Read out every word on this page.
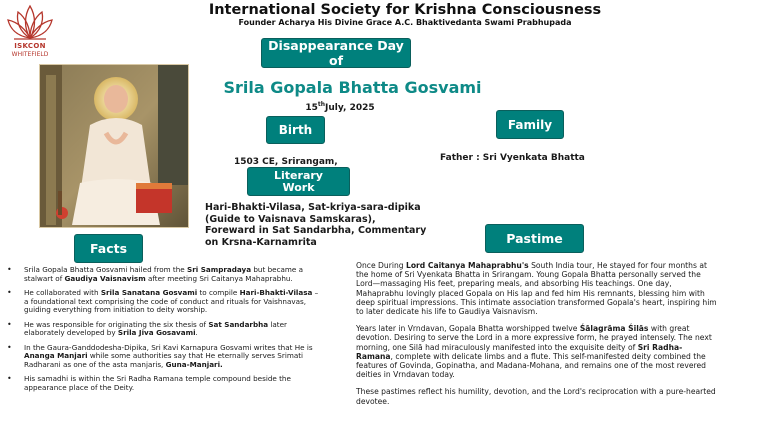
ISKCON
WHITEFIELD
International Society for Krishna Consciousness
Founder Acharya His Divine Grace A.C. Bhaktivedanta Swami Prabhupada
Disappearance Day of
Srila Gopala Bhatta Gosvami
15thJuly, 2025
Birth
1503 CE, Srirangam,
Family
Father : Sri Vyenkata Bhatta
Literary
Work
Hari-Bhakti-Vilasa, Sat-kriya-sara-dipika
(Guide to Vaisnava Samskaras),
Foreward in Sat Sandarbha, Commentary
on Krsna-Karnamrita
Facts
• Srila Gopala Bhatta Gosvami hailed from the Sri Sampradaya but became a stalwart of Gaudiya Vaisnavism after meeting Sri Caitanya Mahaprabhu.
• He collaborated with Srila Sanatana Gosvami to compile Hari-Bhakti-Vilasa – a foundational text comprising the code of conduct and rituals for Vaishnavas, guiding everything from initiation to deity worship.
• He was responsible for originating the six thesis of Sat Sandarbha later elaborately developed by Srila Jiva Gosavami.
• In the Gaura-Ganddodesha-Dipika, Sri Kavi Karnapura Gosvami writes that He is Ananga Manjari while some authorities say that He eternally serves Srimati Radharani as one of the asta manjaris, Guna-Manjari.
• His samadhi is within the Sri Radha Ramana temple compound beside the appearance place of the Deity.
Pastime

Once During Lord Caitanya Mahaprabhu's South India tour, He stayed for four months at the home of Sri Vyenkata Bhatta in Srirangam. Young Gopala Bhatta personally served the Lord—massaging His feet, preparing meals, and absorbing His teachings. One day, Mahaprabhu lovingly placed Gopala on His lap and fed him His remnants, blessing him with deep spiritual impressions. This intimate association transformed Gopala's heart, inspiring him to later dedicate his life to Gaudiya Vaisnavism.

Years later in Vrndavan, Gopala Bhatta worshipped twelve Śālagrāma Śilās with great devotion. Desiring to serve the Lord in a more expressive form, he prayed intensely. The next morning, one Silā had miraculously manifested into the exquisite deity of Sri Radha-Ramana, complete with delicate limbs and a flute. This self-manifested deity combined the features of Govinda, Gopinatha, and Madana-Mohana, and remains one of the most revered deities in Vrndavan today.

These pastimes reflect his humility, devotion, and the Lord's reciprocation with a pure-hearted devotee.
